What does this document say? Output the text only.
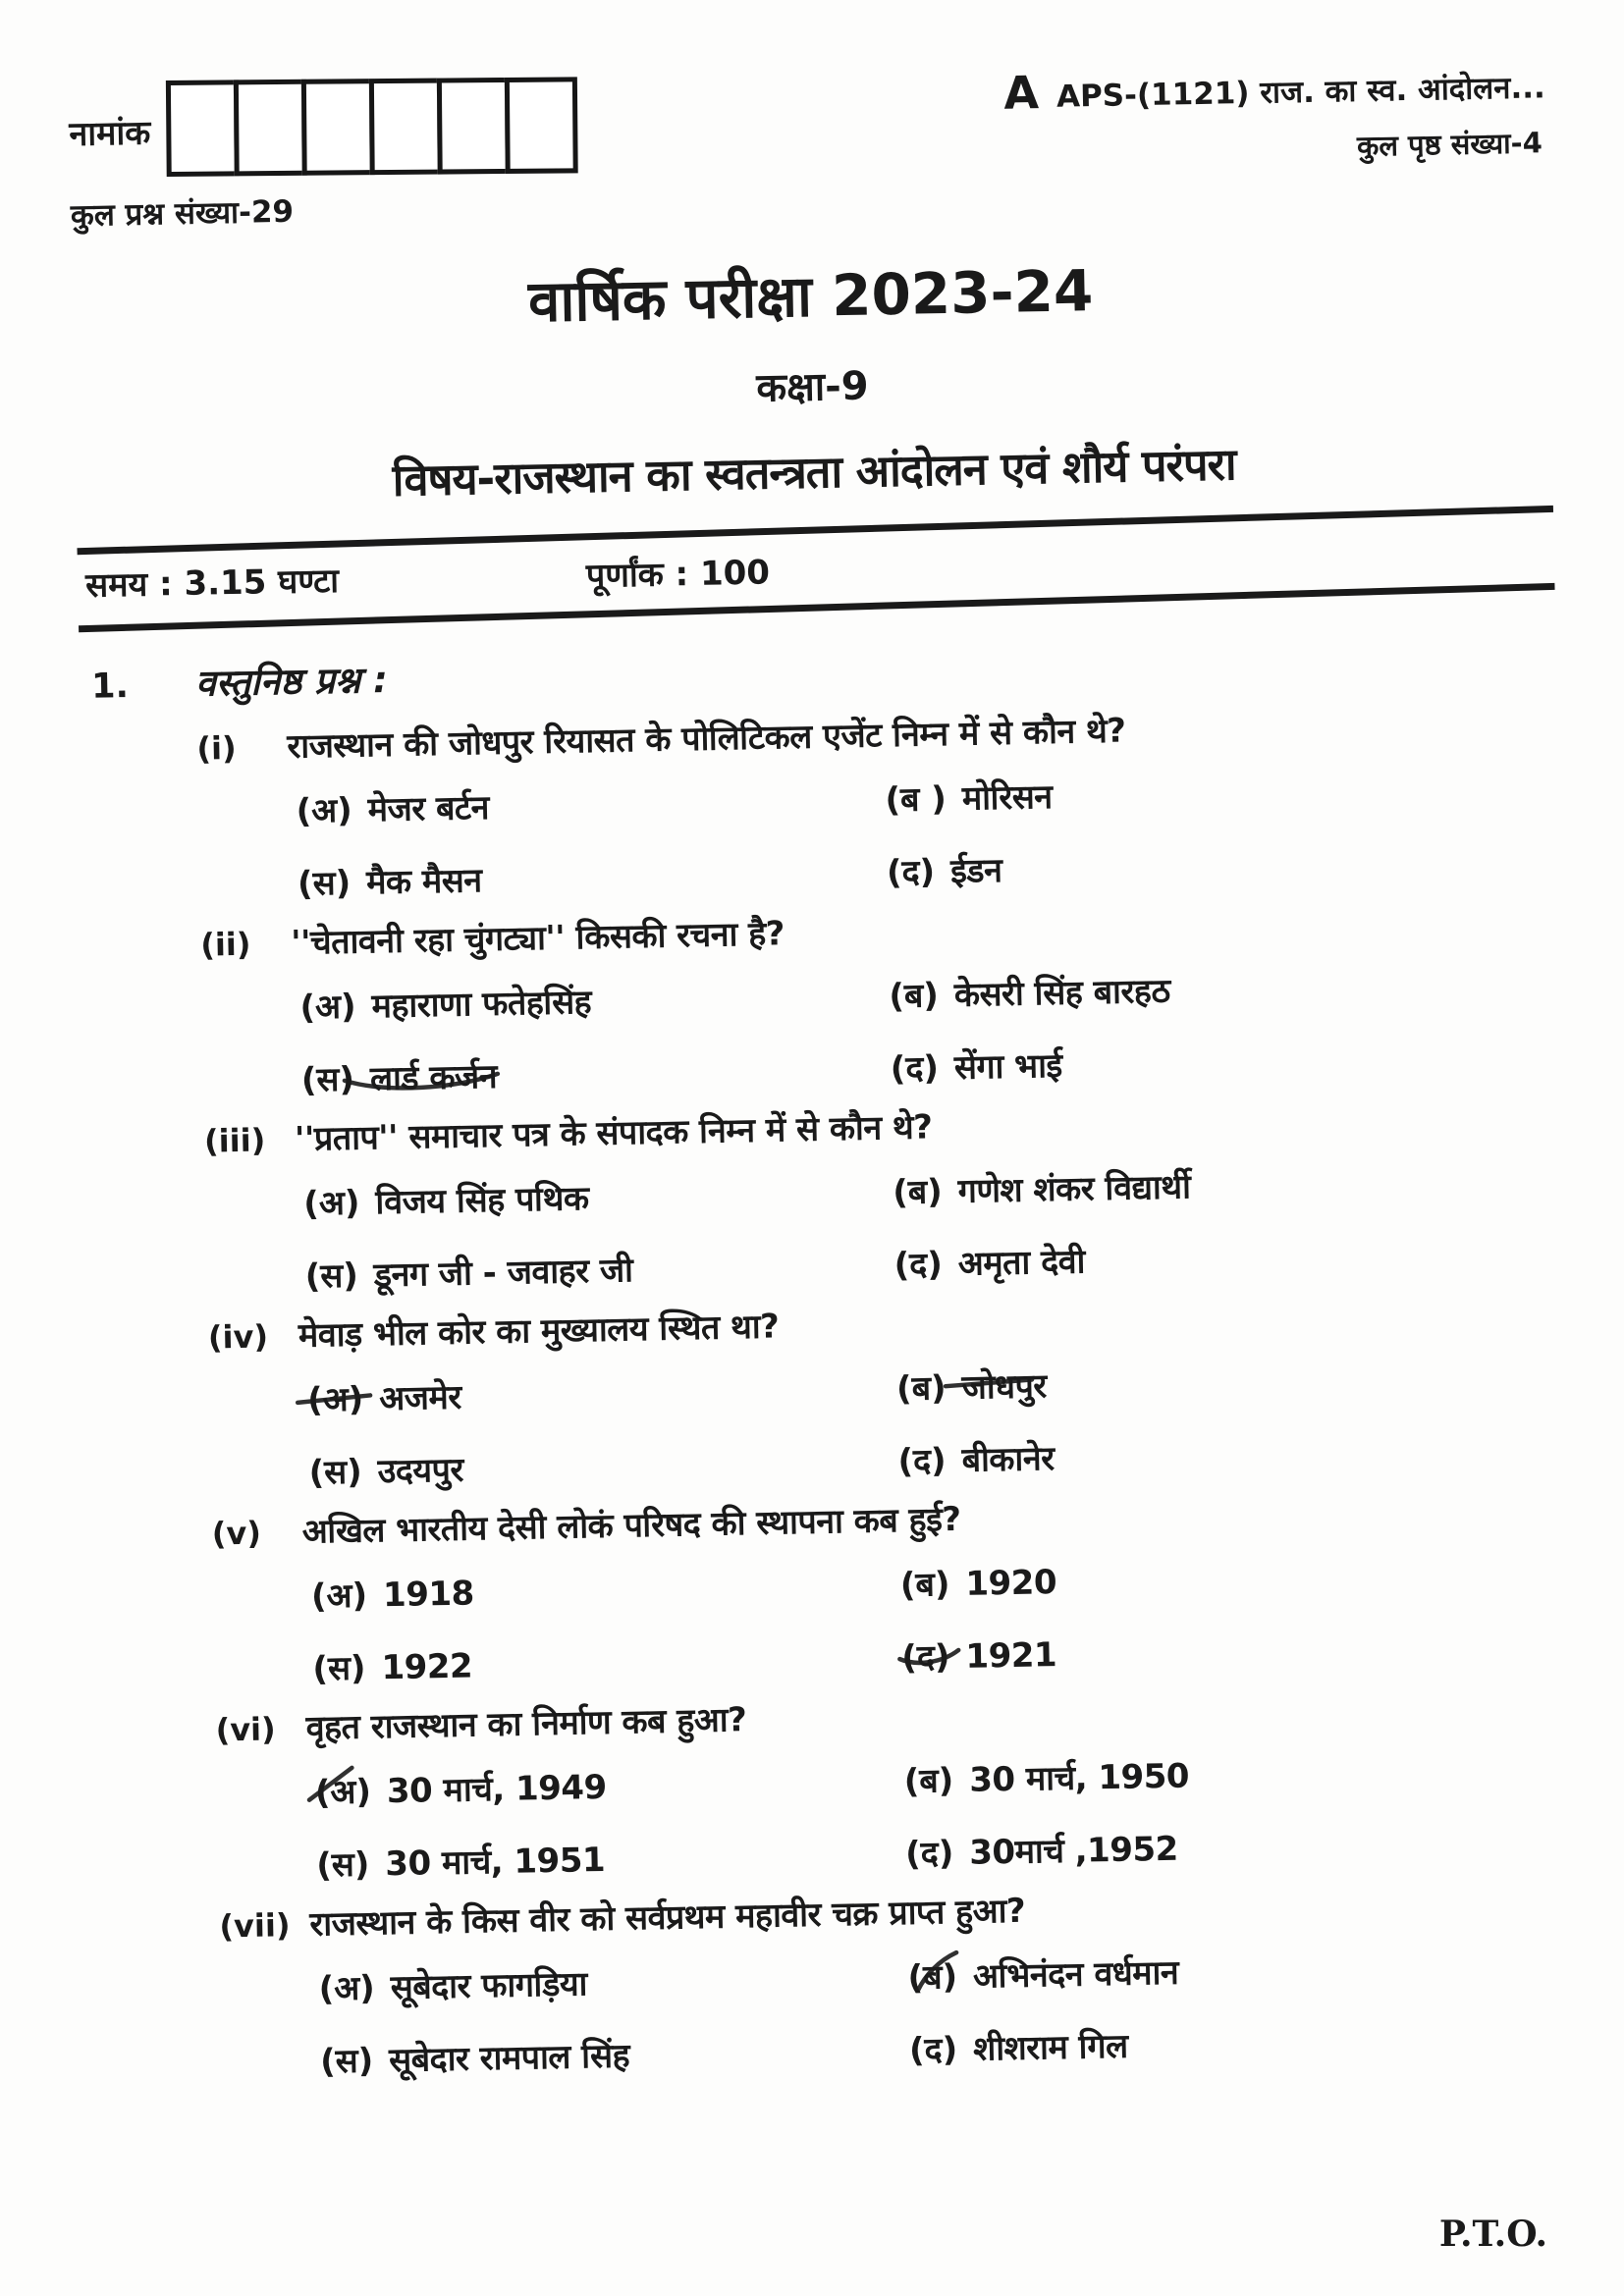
नामांक
कुल प्रश्न संख्या-29
A APS-(1121) राज. का स्व. आंदोलन...
कुल पृष्ठ संख्या-4
वार्षिक परीक्षा 2023-24
कक्षा-9
विषय-राजस्थान का स्वतन्त्रता आंदोलन एवं शौर्य परंपरा
समय : 3.15 घण्टा	पूर्णांक : 100
1.	वस्तुनिष्ठ प्रश्न :
(i)	राजस्थान की जोधपुर रियासत के पोलिटिकल एजेंट निम्न में से कौन थे?
(अ) मेजर बर्टन	(ब ) मोरिसन
(स) मैक मैसन	(द) ईडन
(ii)	''चेतावनी रहा चुंगट्या'' किसकी रचना है?
(अ) महाराणा फतेहसिंह	(ब) केसरी सिंह बारहठ
(स) लार्ड कर्जन	(द) सेंगा भाई
(iii) ''प्रताप'' समाचार पत्र के संपादक निम्न में से कौन थे?
(अ) विजय सिंह पथिक	(ब) गणेश शंकर विद्यार्थी
(स) डूनग जी - जवाहर जी	(द) अमृता देवी
(iv) मेवाड़ भील कोर का मुख्यालय स्थित था?
(अ) अजमेर	(ब) जोधपुर
(स) उदयपुर	(द) बीकानेर
(v)	अखिल भारतीय देसी लोकं परिषद की स्थापना कब हुई?
(अ) 1918	(ब) 1920
(स) 1922	(द) 1921
(vi) वृहत राजस्थान का निर्माण कब हुआ?
(अ) 30 मार्च, 1949	(ब) 30 मार्च, 1950
(स) 30 मार्च, 1951	(द) 30मार्च ,1952
(vii) राजस्थान के किस वीर को सर्वप्रथम महावीर चक्र प्राप्त हुआ?
(अ) सूबेदार फागड़िया	(ब) अभिनंदन वर्धमान
(स) सूबेदार रामपाल सिंह	(द) शीशराम गिल
P.T.O.
